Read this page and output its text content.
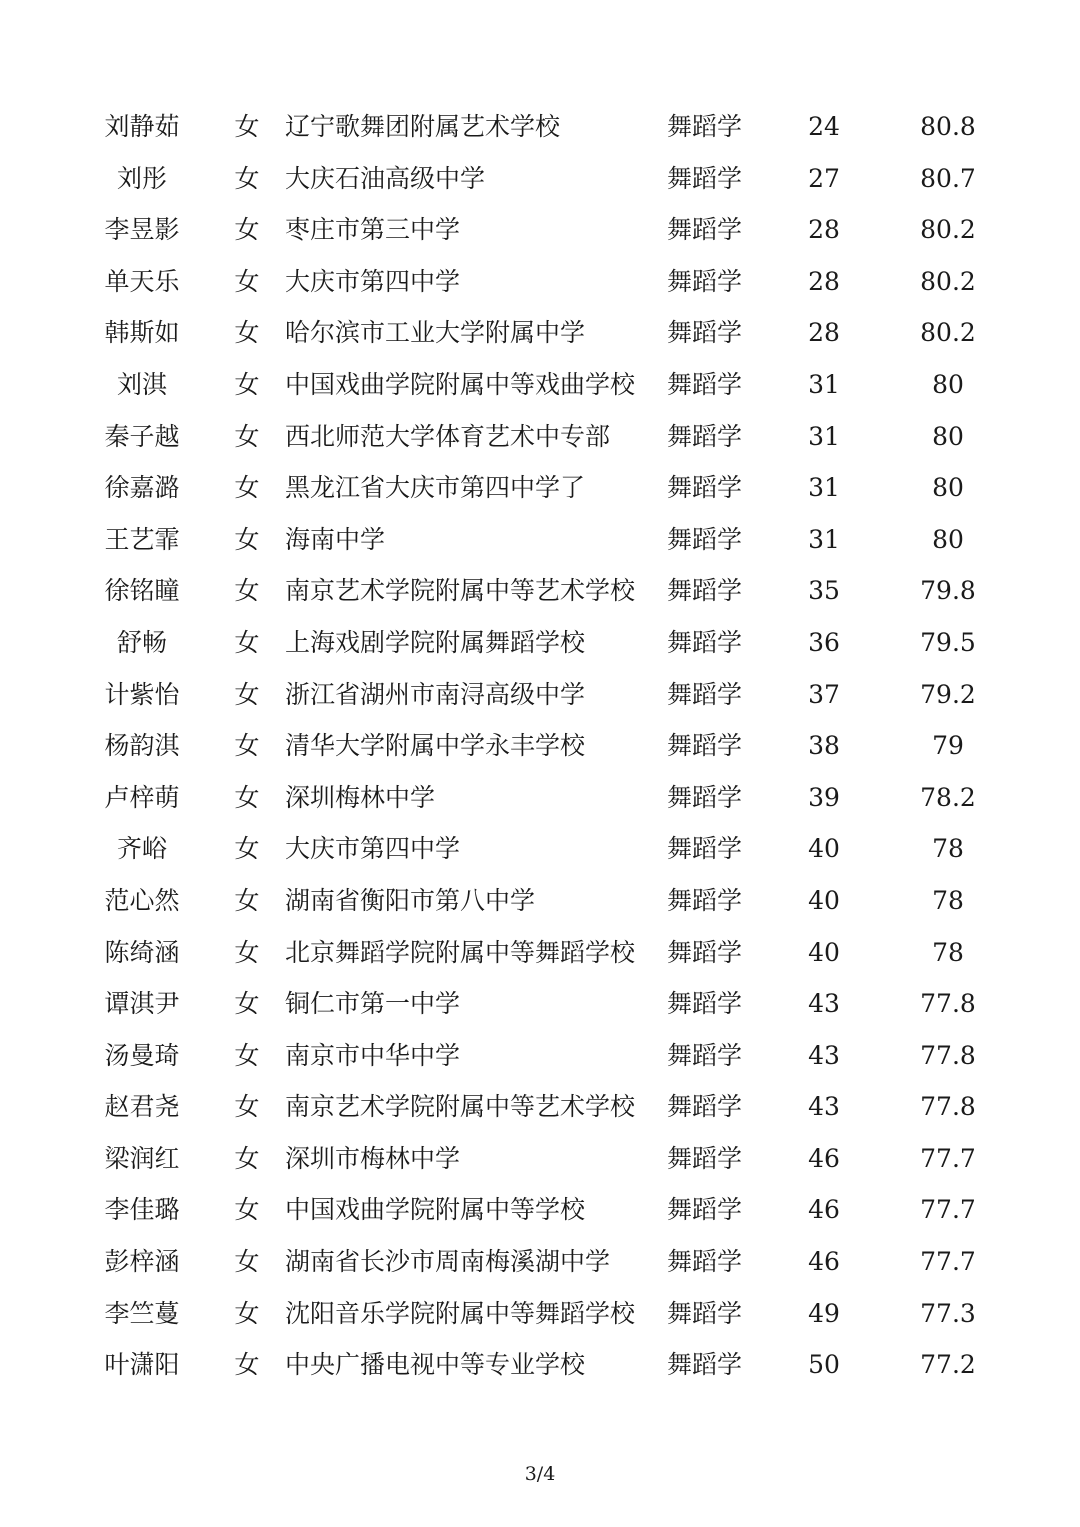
刘静茹	女 辽宁歌舞团附属艺术学校	舞蹈学	24	80.8
刘彤	女 大庆石油高级中学	舞蹈学	27	80.7
李昱影	女 枣庄市第三中学	舞蹈学	28	80.2
单天乐	女 大庆市第四中学	舞蹈学	28	80.2
韩斯如	女 哈尔滨市工业大学附属中学	舞蹈学	28	80.2
刘淇	女 中国戏曲学院附属中等戏曲学校	舞蹈学	31	80
秦子越	女 西北师范大学体育艺术中专部	舞蹈学	31	80
徐嘉潞	女 黑龙江省大庆市第四中学了	舞蹈学	31	80
王艺霏	女 海南中学	舞蹈学	31	80
徐铭瞳	女 南京艺术学院附属中等艺术学校	舞蹈学	35	79.8
舒畅	女 上海戏剧学院附属舞蹈学校	舞蹈学	36	79.5
计紫怡	女 浙江省湖州市南浔高级中学	舞蹈学	37	79.2
杨韵淇	女 清华大学附属中学永丰学校	舞蹈学	38	79
卢梓萌	女 深圳梅林中学	舞蹈学	39	78.2
齐峪	女 大庆市第四中学	舞蹈学	40	78
范心然	女 湖南省衡阳市第八中学	舞蹈学	40	78
陈绮涵	女 北京舞蹈学院附属中等舞蹈学校	舞蹈学	40	78
谭淇尹	女 铜仁市第一中学	舞蹈学	43	77.8
汤曼琦	女 南京市中华中学	舞蹈学	43	77.8
赵君尧	女 南京艺术学院附属中等艺术学校	舞蹈学	43	77.8
梁润红	女 深圳市梅林中学	舞蹈学	46	77.7
李佳璐	女 中国戏曲学院附属中等学校	舞蹈学	46	77.7
彭梓涵	女 湖南省长沙市周南梅溪湖中学	舞蹈学	46	77.7
李竺蔓	女 沈阳音乐学院附属中等舞蹈学校	舞蹈学	49	77.3
叶潇阳	女 中央广播电视中等专业学校	舞蹈学	50	77.2
3/4
